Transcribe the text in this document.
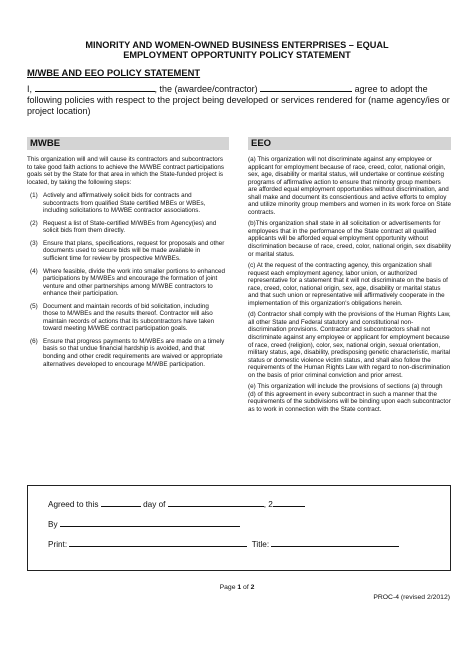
MINORITY AND WOMEN-OWNED BUSINESS ENTERPRISES – EQUAL
EMPLOYMENT OPPORTUNITY POLICY STATEMENT
M/WBE AND EEO POLICY STATEMENT
I,	, the (awardee/contractor)	agree to adopt the following policies with respect to the project being developed or services rendered for (name agency/ies or project location)
MWBE	EEO

This organization will and will cause its contractors and subcontractors to take good faith actions to achieve the M/WBE contract participations goals set by the State for that area in which the State-funded project is located, by taking the following steps:

(1) Actively and affirmatively solicit bids for contracts and subcontracts from qualified State certified MBEs or WBEs, including solicitations to M/WBE contractor associations.
(2) Request a list of State-certified M/WBEs from Agency(ies) and solicit bids from them directly.
(3) Ensure that plans, specifications, request for proposals and other documents used to secure bids will be made available in sufficient time for review by prospective M/WBEs.
(4) Where feasible, divide the work into smaller portions to enhanced participations by M/WBEs and encourage the formation of joint venture and other partnerships among M/WBE contractors to enhance their participation.
(5) Document and maintain records of bid solicitation, including those to M/WBEs and the results thereof. Contractor will also maintain records of actions that its subcontractors have taken toward meeting M/WBE contract participation goals.
(6) Ensure that progress payments to M/WBEs are made on a timely basis so that undue financial hardship is avoided, and that bonding and other credit requirements are waived or appropriate alternatives developed to encourage M/WBE participation.

(a) This organization will not discriminate against any employee or applicant for employment because of race, creed, color, national origin, sex, age, disability or marital status, will undertake or continue existing programs of affirmative action to ensure that minority group members are afforded equal employment opportunities without discrimination, and shall make and document its conscientious and active efforts to employ and utilize minority group members and women in its work force on State contracts.

(b)This organization shall state in all solicitation or advertisements for employees that in the performance of the State contract all qualified applicants will be afforded equal employment opportunity without discrimination because of race, creed, color, national origin, sex disability or marital status.

(c) At the request of the contracting agency, this organization shall request each employment agency, labor union, or authorized representative for a statement that it will not discriminate on the basis of race, creed, color, national origin, sex, age, disability or marital status and that such union or representative will affirmatively cooperate in the implementation of this organization's obligations herein.

(d) Contractor shall comply with the provisions of the Human Rights Law, all other State and Federal statutory and constitutional non-discrimination provisions. Contractor and subcontractors shall not discriminate against any employee or applicant for employment because of race, creed (religion), color, sex, national origin, sexual orientation, military status, age, disability, predisposing genetic characteristic, marital status or domestic violence victim status, and shall also follow the requirements of the Human Rights Law with regard to non-discrimination on the basis of prior criminal conviction and prior arrest.

(e) This organization will include the provisions of sections (a) through (d) of this agreement in every subcontract in such a manner that the requirements of the subdivisions will be binding upon each subcontractor as to work in connection with the State contract.

Agreed to this	day of	, 2
By
Print:	Title:
Page 1 of 2
PROC-4 (revised 2/2012)
